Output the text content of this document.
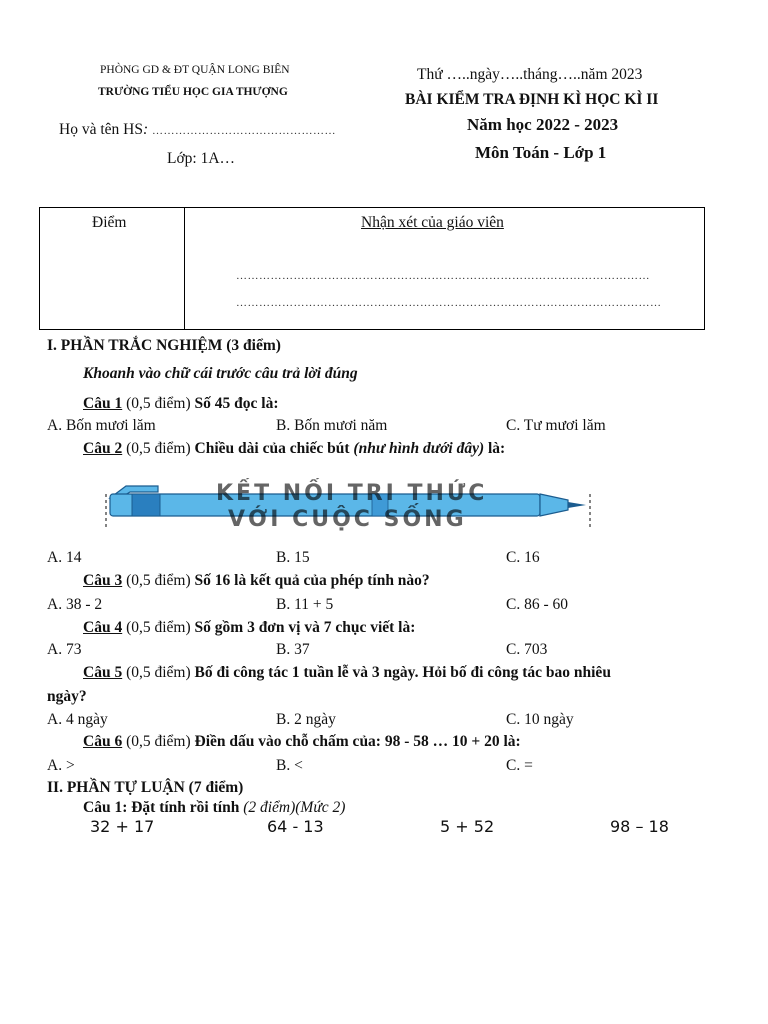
PHÒNG GD & ĐT QUẬN LONG BIÊN
TRƯỜNG TIỂU HỌC GIA THƯỢNG
Họ và tên HS: …………………………………………
Lớp: 1A…
Thứ …..ngày…..tháng…..năm 2023
BÀI KIỂM TRA ĐỊNH KÌ HỌC KÌ II
Năm học 2022 - 2023
Môn Toán - Lớp 1
Điểm	Nhận xét của giáo viên
………………………………………………………………………………………………
…………………………………………………………………………………………………
I. PHẦN TRẮC NGHIỆM (3 điểm)
Khoanh vào chữ cái trước câu trả lời đúng
Câu 1 (0,5 điểm) Số 45 đọc là:
A. Bốn mươi lăm	B. Bốn mươi năm	C. Tư mươi lăm
Câu 2 (0,5 điểm) Chiều dài của chiếc bút (như hình dưới đây) là:
KẾT NỐI TRI THỨC
VỚI CUỘC SỐNG
A. 14	B. 15	C. 16
Câu 3 (0,5 điểm) Số 16 là kết quả của phép tính nào?
A. 38 - 2	B. 11 + 5	C. 86 - 60
Câu 4 (0,5 điểm) Số gồm 3 đơn vị và 7 chục viết là:
A. 73	B. 37	C. 703
Câu 5 (0,5 điểm) Bố đi công tác 1 tuần lễ và 3 ngày. Hỏi bố đi công tác bao nhiêu
ngày?
A. 4 ngày	B. 2 ngày	C. 10 ngày
Câu 6 (0,5 điểm) Điền dấu vào chỗ chấm của: 98 - 58 … 10 + 20 là:
A. >	B. <	C. =
II. PHẦN TỰ LUẬN (7 điểm)
Câu 1: Đặt tính rồi tính (2 điểm)(Mức 2)
32 + 17	64 - 13	5 + 52	98 – 18
